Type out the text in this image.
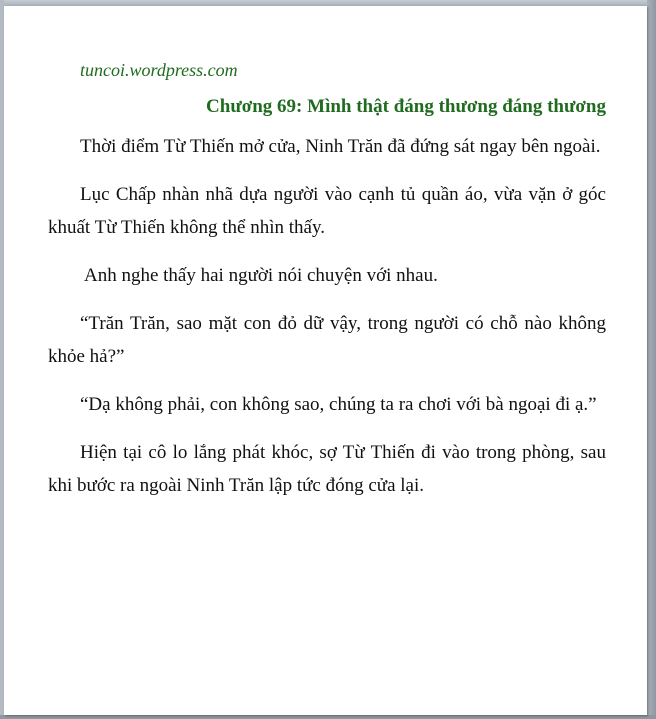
tuncoi.wordpress.com
Chương 69: Mình thật đáng thương đáng thương

Thời điểm Từ Thiến mở cửa, Ninh Trăn đã đứng sát ngay bên ngoài.

Lục Chấp nhàn nhã dựa người vào cạnh tủ quần áo, vừa vặn ở góc khuất Từ Thiến không thể nhìn thấy.

Anh nghe thấy hai người nói chuyện với nhau.

“Trăn Trăn, sao mặt con đỏ dữ vậy, trong người có chỗ nào không khỏe hả?”

“Dạ không phải, con không sao, chúng ta ra chơi với bà ngoại đi ạ.”

Hiện tại cô lo lắng phát khóc, sợ Từ Thiến đi vào trong phòng, sau khi bước ra ngoài Ninh Trăn lập tức đóng cửa lại.
